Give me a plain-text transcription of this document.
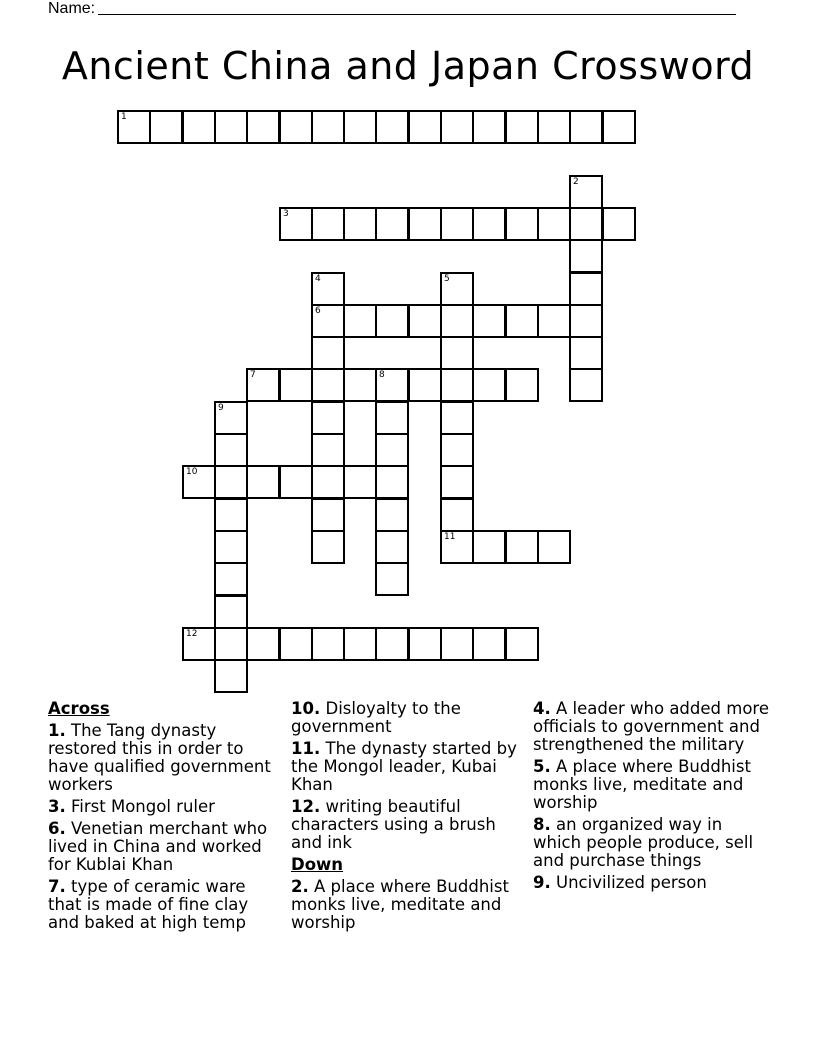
Name:
Ancient China and Japan Crossword
1
2
3
4
6
5
11
7	8
9
10
12
Across
1. The Tang dynasty restored this in order to have qualified government workers
3. First Mongol ruler
6. Venetian merchant who lived in China and worked for Kublai Khan
7. type of ceramic ware that is made of fine clay and baked at high temp
10. Disloyalty to the government
11. The dynasty started by the Mongol leader, Kubai Khan
12. writing beautiful characters using a brush and ink
Down
2. A place where Buddhist monks live, meditate and worship
4. A leader who added more officials to government and strengthened the military
5. A place where Buddhist monks live, meditate and worship
8. an organized way in which people produce, sell and purchase things
9. Uncivilized person
